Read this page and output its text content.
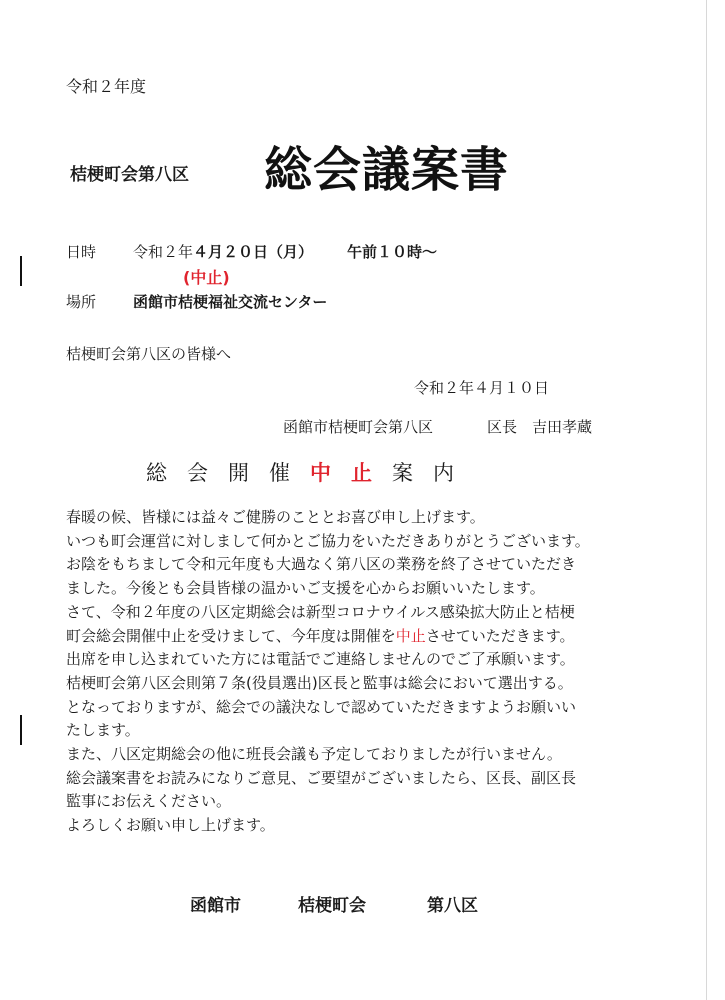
令和２年度
桔梗町会第八区 総会議案書
日時 令和２年４月２０日（月） 午前１０時～
(中止)
場所 函館市桔梗福祉交流センター
桔梗町会第八区の皆様へ
令和２年４月１０日
函館市桔梗町会第八区	区長　吉田孝蔵
総会開催中止案内
春暖の候、皆様には益々ご健勝のこととお喜び申し上げます。
いつも町会運営に対しまして何かとご協力をいただきありがとうございます。
お陰をもちまして令和元年度も大過なく第八区の業務を終了させていただき
ました。今後とも会員皆様の温かいご支援を心からお願いいたします。
さて、令和２年度の八区定期総会は新型コロナウイルス感染拡大防止と桔梗
町会総会開催中止を受けまして、今年度は開催を中止させていただきます。
出席を申し込まれていた方には電話でご連絡しませんのでご了承願います。
桔梗町会第八区会則第７条(役員選出)区長と監事は総会において選出する。
となっておりますが、総会での議決なしで認めていただきますようお願いい
たします。
また、八区定期総会の他に班長会議も予定しておりましたが行いません。
総会議案書をお読みになりご意見、ご要望がございましたら、区長、副区長
監事にお伝えください。
よろしくお願い申し上げます。
函館市	桔梗町会	第八区
